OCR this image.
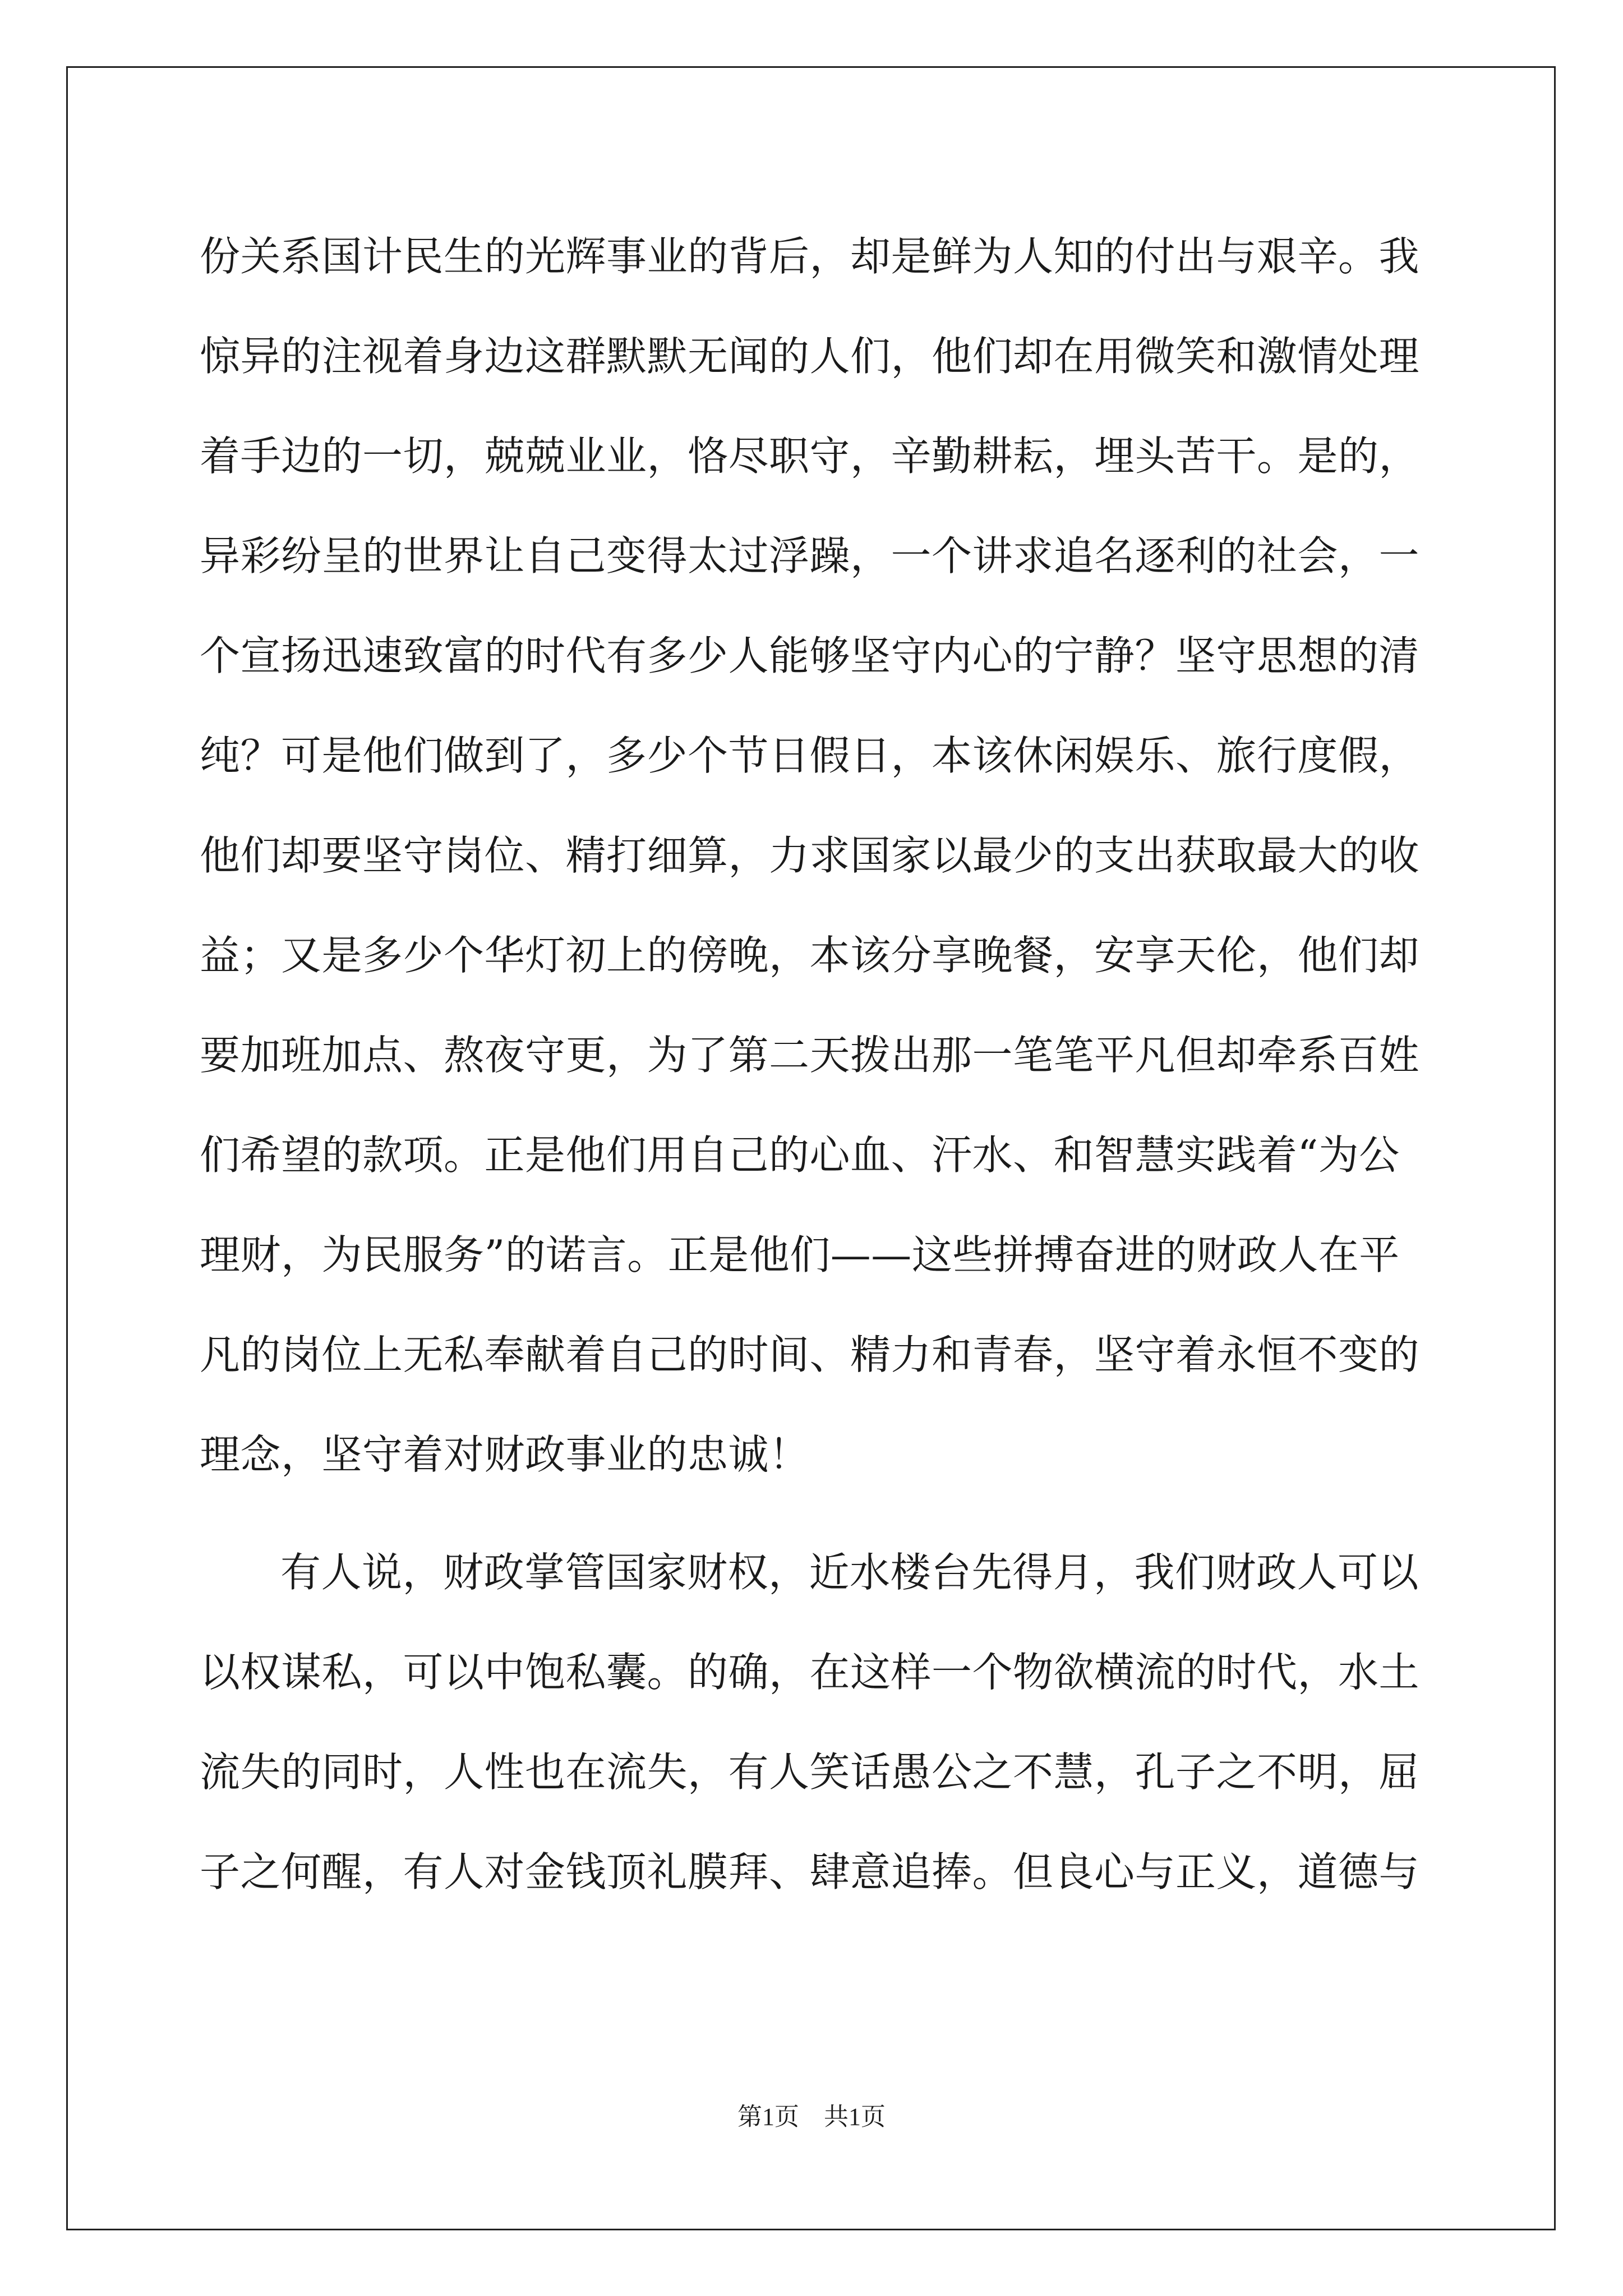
份关系国计民生的光辉事业的背后，却是鲜为人知的付出与艰辛。我
惊异的注视着身边这群默默无闻的人们，他们却在用微笑和激情处理
着手边的一切，兢兢业业，恪尽职守，辛勤耕耘，埋头苦干。是的，
异彩纷呈的世界让自己变得太过浮躁，一个讲求追名逐利的社会，一
个宣扬迅速致富的时代有多少人能够坚守内心的宁静？坚守思想的清
纯？可是他们做到了，多少个节日假日，本该休闲娱乐、旅行度假，
他们却要坚守岗位、精打细算，力求国家以最少的支出获取最大的收
益；又是多少个华灯初上的傍晚，本该分享晚餐，安享天伦，他们却
要加班加点、熬夜守更，为了第二天拨出那一笔笔平凡但却牵系百姓
们希望的款项。正是他们用自己的心血、汗水、和智慧实践着“为公
理财，为民服务”的诺言。正是他们——这些拼搏奋进的财政人在平
凡的岗位上无私奉献着自己的时间、精力和青春，坚守着永恒不变的
理念，坚守着对财政事业的忠诚！
有人说，财政掌管国家财权，近水楼台先得月，我们财政人可以
以权谋私，可以中饱私囊。的确，在这样一个物欲横流的时代，水土
流失的同时，人性也在流失，有人笑话愚公之不慧，孔子之不明，屈
子之何醒，有人对金钱顶礼膜拜、肆意追捧。但良心与正义，道德与
第1页　共1页
